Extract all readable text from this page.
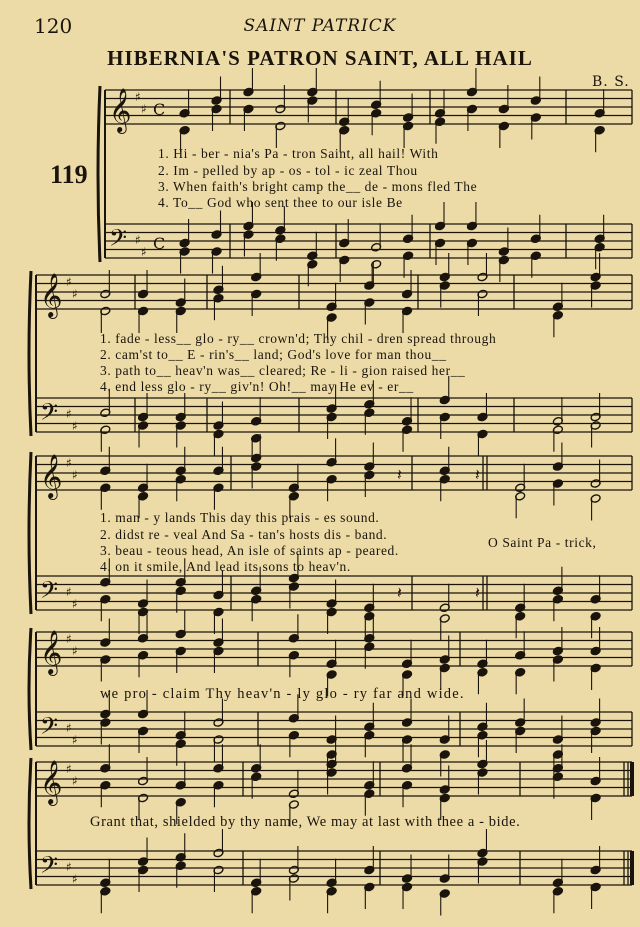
120	SAINT PATRICK
HIBERNIA'S PATRON SAINT, ALL HAIL
B. S.
119
𝄞
𝄢
♯
♯
♯
♯
C
C
𝄞
𝄢
♯
♯
♯
♯
𝄞
𝄢
♯
♯
♯
♯
𝄽
𝄽
𝄽
𝄽
𝄞
𝄢
♯
♯
♯
♯
𝄞
𝄢
♯
♯
♯
♯
1. Hi - ber - nia's Pa - tron Saint, all hail! With
2. Im - pelled by ap - os - tol - ic zeal Thou
3. When faith's bright camp the__ de - mons fled The
4. To__ God who sent thee to our isle Be
1. fade - less__ glo - ry__ crown'd; Thy chil - dren spread through
2. cam'st to__ E - rin's__ land; God's love for man thou__
3. path to__ heav'n was__ cleared; Re - li - gion raised her__
4. end less glo - ry__ giv'n! Oh!__ may He ev - er__
1. man - y lands This day this prais - es sound.
2. didst re - veal And Sa - tan's hosts dis - band.
3. beau - teous head, An isle of saints ap - peared.
4. on it smile, And lead its sons to heav'n.
O Saint Pa - trick,
we pro - claim Thy heav'n - ly glo - ry far and wide.
Grant that, shielded by thy name, We may at last with thee a - bide.
